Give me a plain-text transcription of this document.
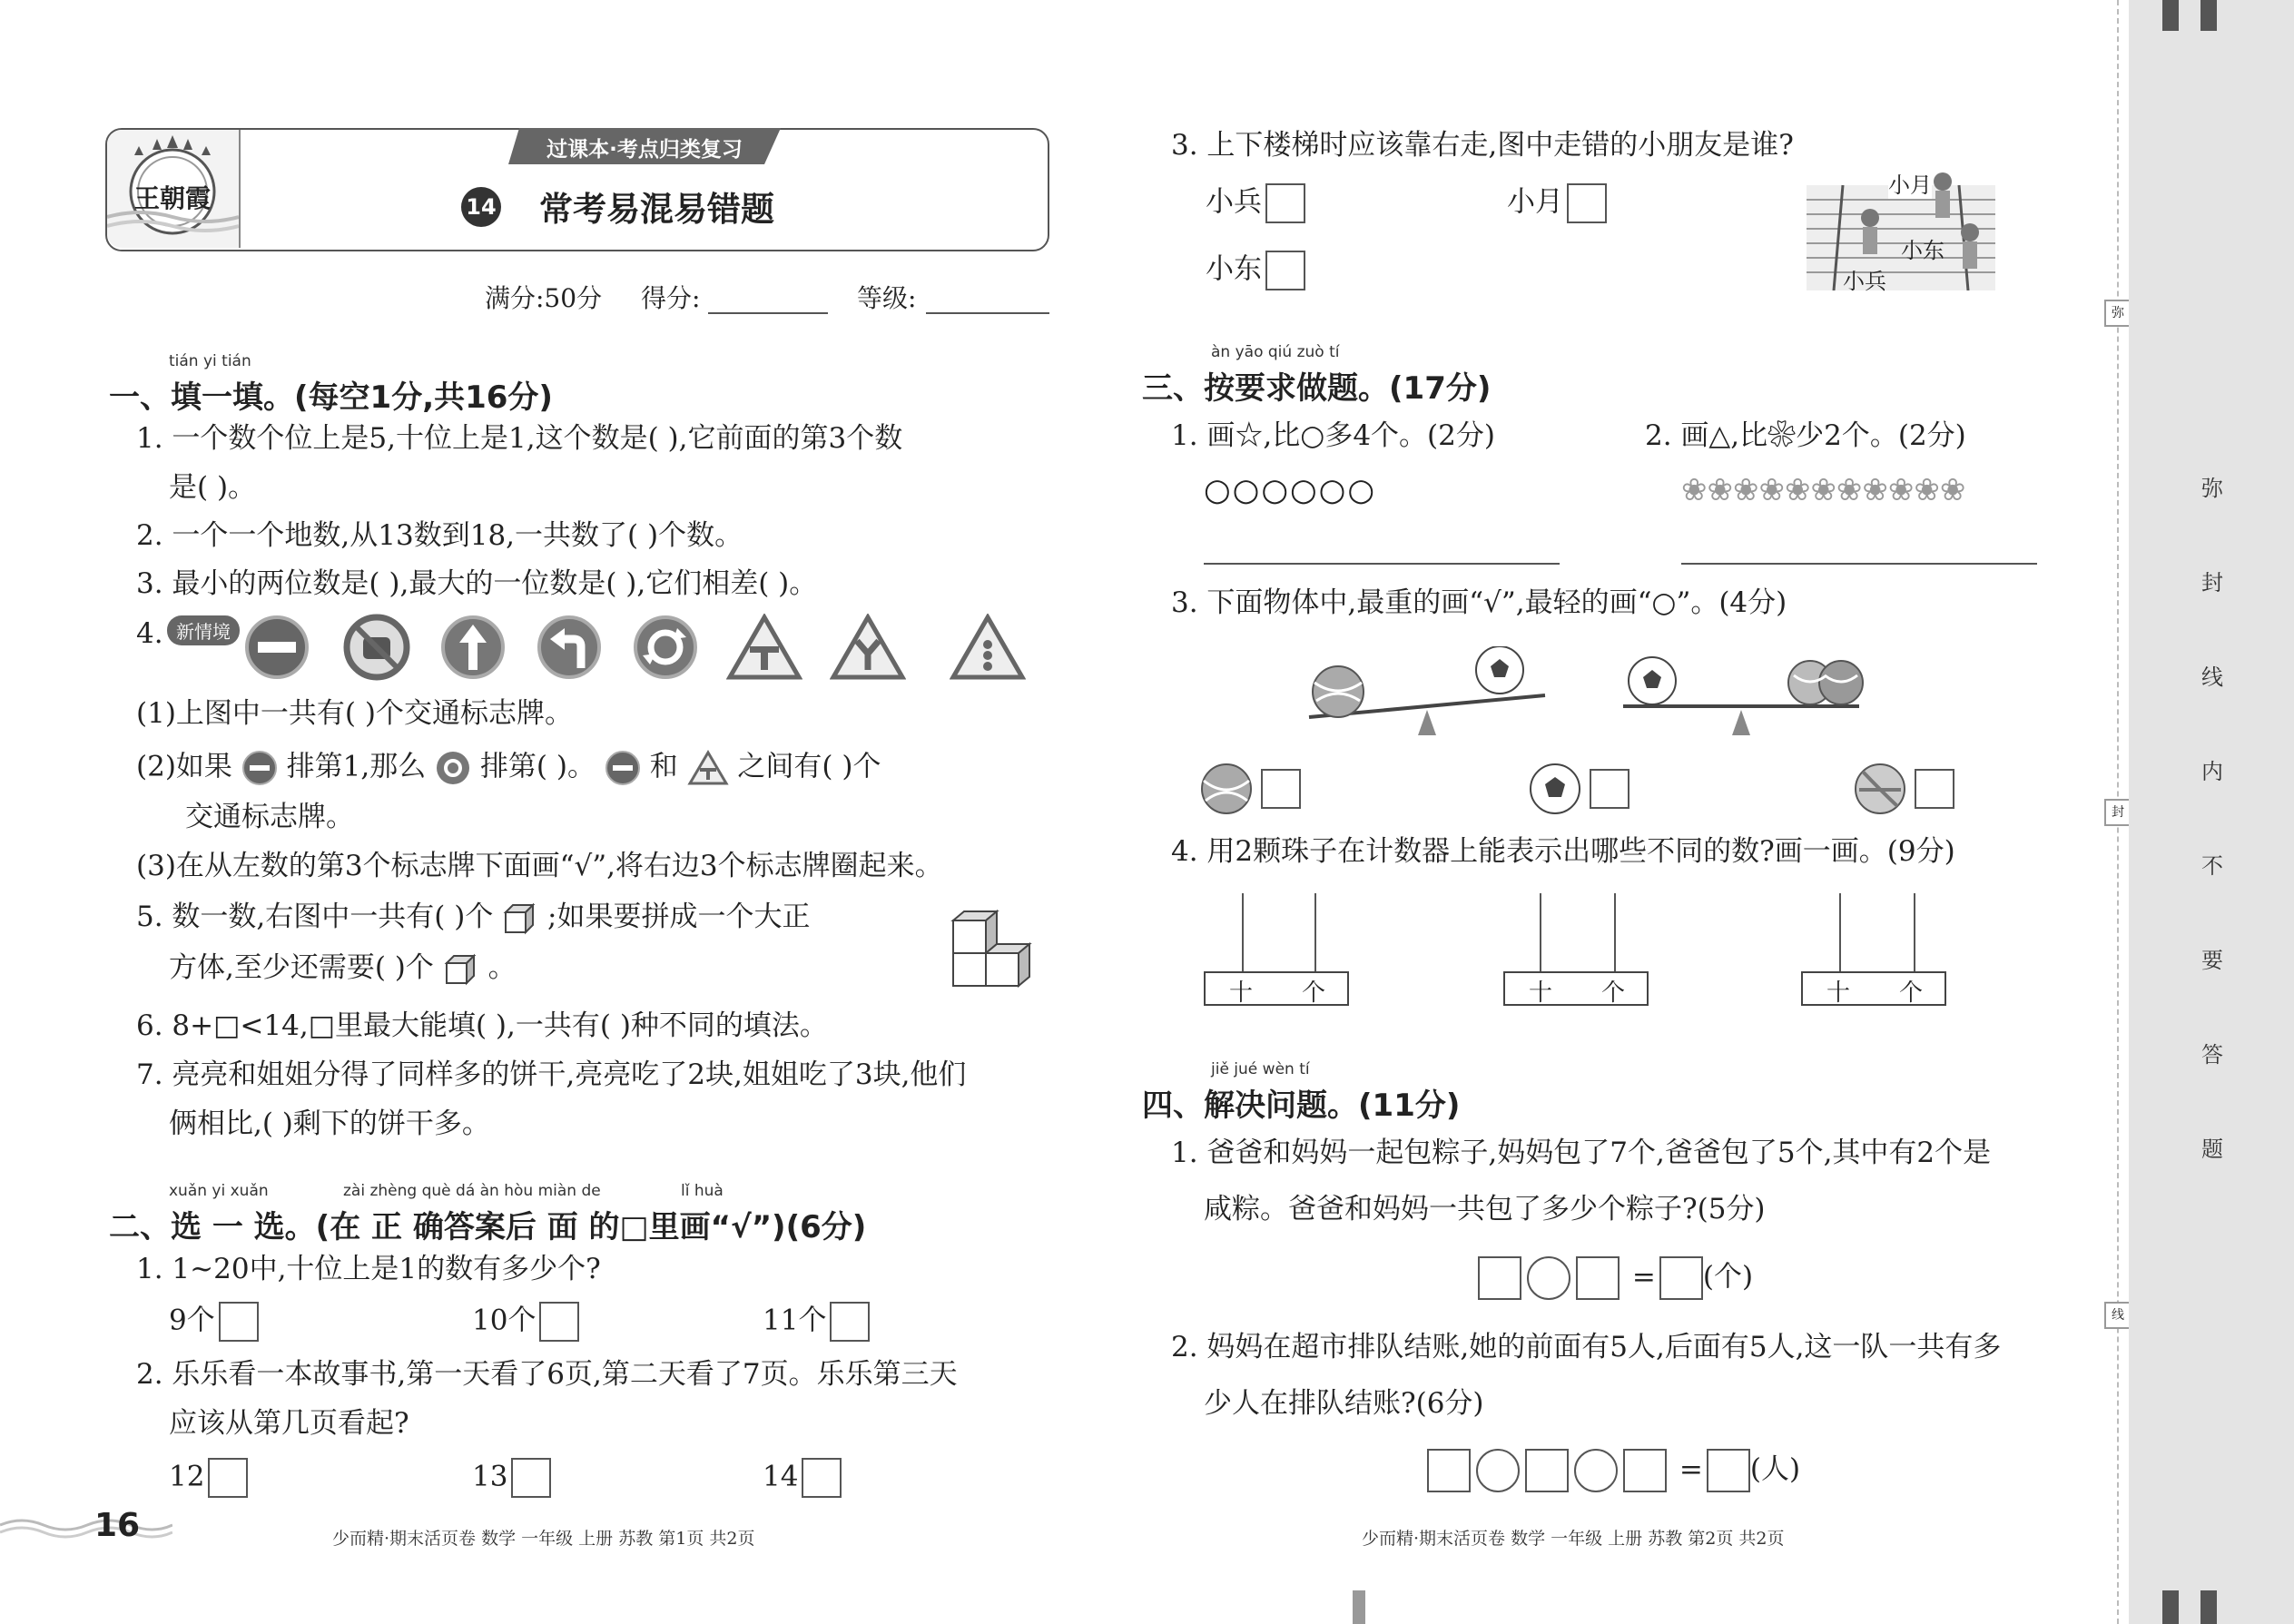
王朝霞
过课本·考点归类复习
14 常考易混易错题
满分:50分 得分:	等级:
tián yi tián
一、填一填。(每空1分,共16分)
1. 一个数个位上是5,十位上是1,这个数是( ),它前面的第3个数
是( )。
2. 一个一个地数,从13数到18,一共数了( )个数。
3. 最小的两位数是( ),最大的一位数是( ),它们相差( )。
4. 新情境
(1)上图中一共有( )个交通标志牌。
(2)如果 排第1,那么 排第( )。 和 之间有( )个
交通标志牌。
(3)在从左数的第3个标志牌下面画“√”,将右边3个标志牌圈起来。
5. 数一数,右图中一共有( )个 ;如果要拼成一个大正
方体,至少还需要( )个 。
6. 8+□<14,□里最大能填( ),一共有( )种不同的填法。
7. 亮亮和姐姐分得了同样多的饼干,亮亮吃了2块,姐姐吃了3块,他们
俩相比,( )剩下的饼干多。
xuǎn yi xuǎn	zài zhèng què dá àn hòu miàn de	lǐ huà
二、选 一 选。(在 正 确答案后 面 的□里画“√”)(6分)
1. 1~20中,十位上是1的数有多少个?
9个	10个	11个
2. 乐乐看一本故事书,第一天看了6页,第二天看了7页。乐乐第三天
应该从第几页看起?
12	13	14
16	少而精·期末活页卷 数学 一年级 上册 苏教 第1页 共2页
3. 上下楼梯时应该靠右走,图中走错的小朋友是谁?
小兵	小月
小东
小月
小东
小兵
àn yāo qiú zuò tí
三、按要求做题。(17分)
1. 画☆,比○多4个。(2分)	2. 画△,比❀少2个。(2分)
○○○○○○	❀❀❀❀❀❀❀❀❀❀❀
3. 下面物体中,最重的画“√”,最轻的画“○”。(4分)

4. 用2颗珠子在计数器上能表示出哪些不同的数?画一画。(9分)
十 个	十 个	十 个
jiě jué wèn tí
四、解决问题。(11分)
1. 爸爸和妈妈一起包粽子,妈妈包了7个,爸爸包了5个,其中有2个是
咸粽。爸爸和妈妈一共包了多少个粽子?(5分)
= (个)
2. 妈妈在超市排队结账,她的前面有5人,后面有5人,这一队一共有多
少人在排队结账?(6分)
= (人)
少而精·期末活页卷 数学 一年级 上册 苏教 第2页 共2页
弥
封
线
弥
封
线
内
不
要
答
题
